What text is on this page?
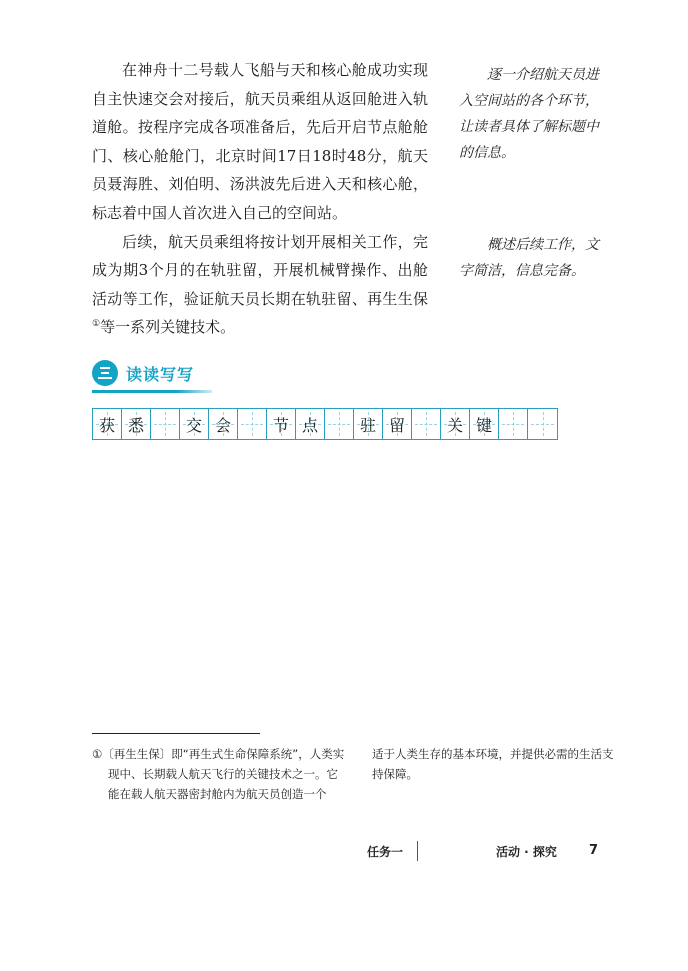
在神舟十二号载人飞船与天和核心舱成功实现自主快速交会对接后，航天员乘组从返回舱进入轨道舱。按程序完成各项准备后，先后开启节点舱舱门、核心舱舱门，北京时间17日18时48分，航天员聂海胜、刘伯明、汤洪波先后进入天和核心舱，标志着中国人首次进入自己的空间站。

后续，航天员乘组将按计划开展相关工作，完成为期3个月的在轨驻留，开展机械臂操作、出舱活动等工作，验证航天员长期在轨驻留、再生生保①等一系列关键技术。

逐一介绍航天员进入空间站的各个环节，让读者具体了解标题中的信息。
概述后续工作，文字简洁，信息完备。
读读写写
获 悉	交 会	节 点	驻 留	关 键
①〔再生生保〕即“再生式生命保障系统”，人类实现中、长期载人航天飞行的关键技术之一。它能在载人航天器密封舱内为航天员创造一个
适于人类生存的基本环境，并提供必需的生活支持保障。
任务一	活动 · 探究 7
